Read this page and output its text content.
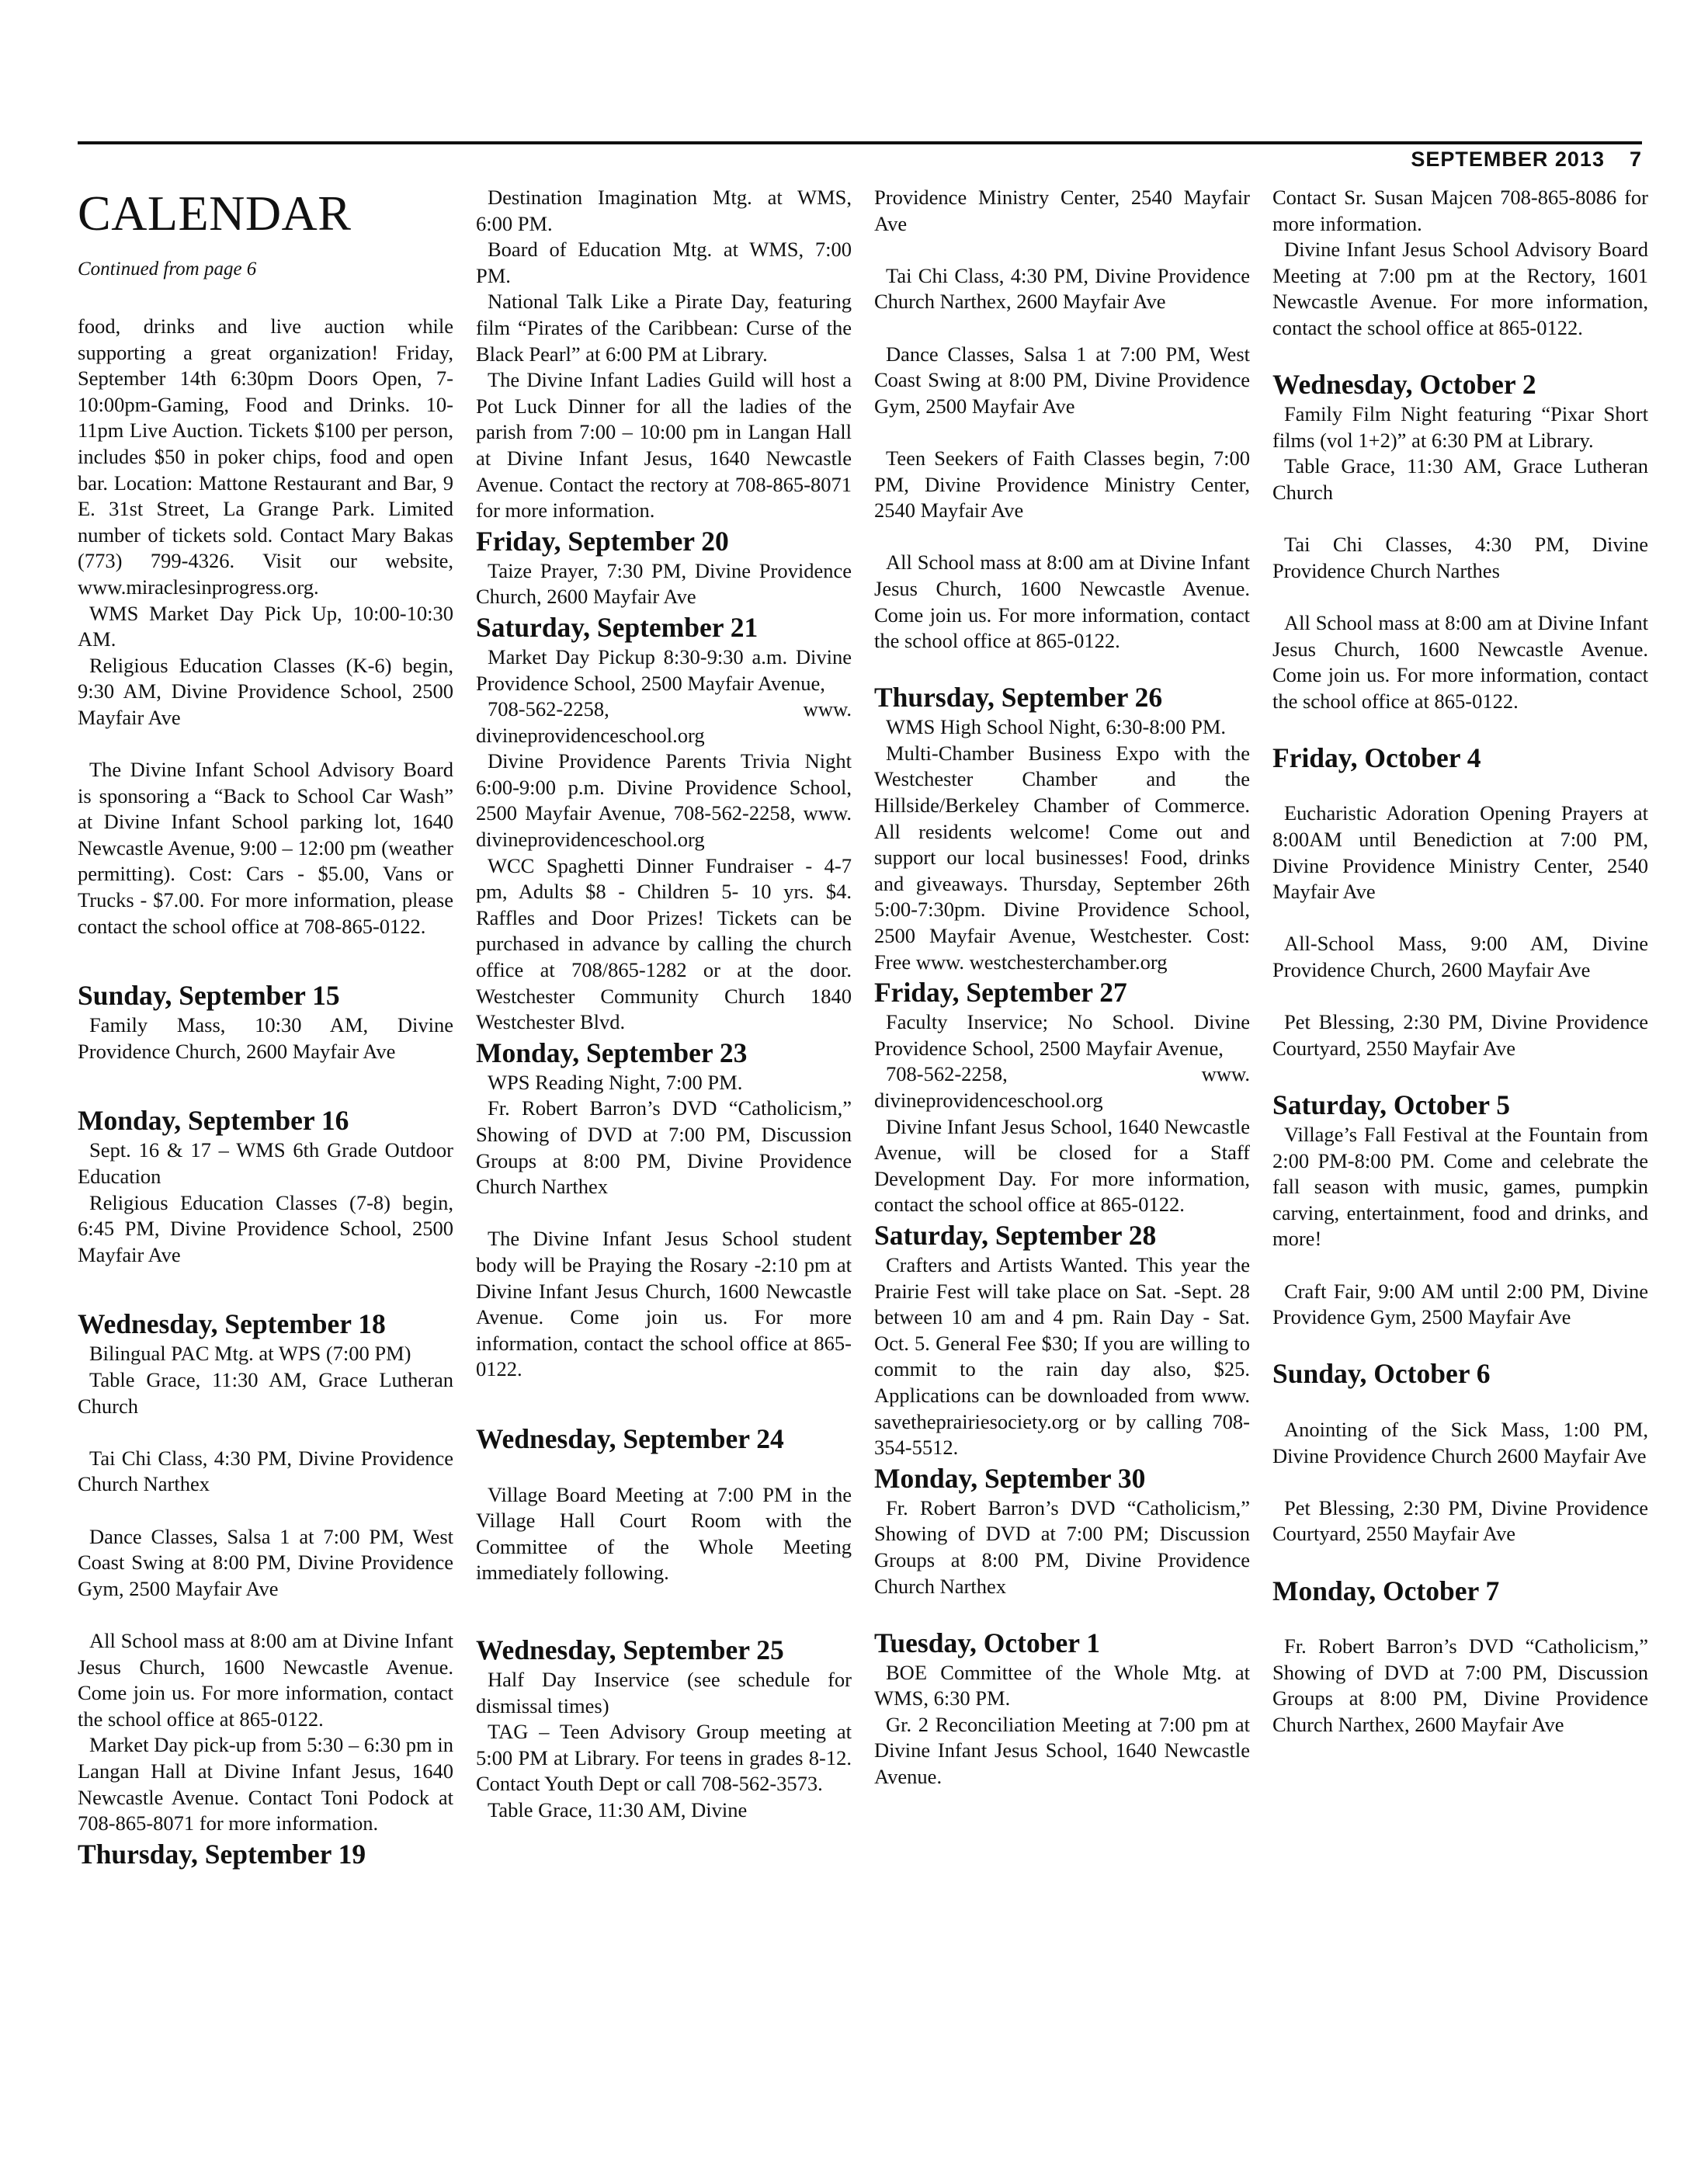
SEPTEMBER 2013 7
CALENDAR
Continued from page 6

food, drinks and live auction while supporting a great organization! Friday, September 14th 6:30pm Doors Open, 7-10:00pm-Gaming, Food and Drinks. 10-11pm Live Auction. Tickets $100 per person, includes $50 in poker chips, food and open bar. Location: Mattone Restaurant and Bar, 9 E. 31st Street, La Grange Park. Limited number of tickets sold. Contact Mary Bakas (773) 799-4326. Visit our website, www.miraclesinprogress.org.

WMS Market Day Pick Up, 10:00-10:30 AM.

Religious Education Classes (K-6) begin, 9:30 AM, Divine Providence School, 2500 Mayfair Ave

The Divine Infant School Advisory Board is sponsoring a “Back to School Car Wash” at Divine Infant School parking lot, 1640 Newcastle Avenue, 9:00 – 12:00 pm (weather permitting). Cost: Cars - $5.00, Vans or Trucks - $7.00. For more information, please contact the school office at 708-865-0122.

Sunday, September 15

Family Mass, 10:30 AM, Divine Providence Church, 2600 Mayfair Ave

Monday, September 16

Sept. 16 & 17 – WMS 6th Grade Outdoor Education

Religious Education Classes (7-8) begin, 6:45 PM, Divine Providence School, 2500 Mayfair Ave

Wednesday, September 18

Bilingual PAC Mtg. at WPS (7:00 PM)

Table Grace, 11:30 AM, Grace Lutheran Church

Tai Chi Class, 4:30 PM, Divine Providence Church Narthex

Dance Classes, Salsa 1 at 7:00 PM, West Coast Swing at 8:00 PM, Divine Providence Gym, 2500 Mayfair Ave

All School mass at 8:00 am at Divine Infant Jesus Church, 1600 Newcastle Avenue. Come join us. For more information, contact the school office at 865-0122.

Market Day pick-up from 5:30 – 6:30 pm in Langan Hall at Divine Infant Jesus, 1640 Newcastle Avenue. Contact Toni Podock at 708-865-8071 for more information.

Thursday, September 19

Destination Imagination Mtg. at WMS, 6:00 PM.

Board of Education Mtg. at WMS, 7:00 PM.

National Talk Like a Pirate Day, featuring film “Pirates of the Caribbean: Curse of the Black Pearl” at 6:00 PM at Library.

The Divine Infant Ladies Guild will host a Pot Luck Dinner for all the ladies of the parish from 7:00 – 10:00 pm in Langan Hall at Divine Infant Jesus, 1640 Newcastle Avenue. Contact the rectory at 708-865-8071 for more information.

Friday, September 20

Taize Prayer, 7:30 PM, Divine Providence Church, 2600 Mayfair Ave

Saturday, September 21

Market Day Pickup 8:30-9:30 a.m. Divine Providence School, 2500 Mayfair Avenue,

708-562-2258, www. divineprovidenceschool.org

Divine Providence Parents Trivia Night 6:00-9:00 p.m. Divine Providence School, 2500 Mayfair Avenue, 708-562-2258, www. divineprovidenceschool.org

WCC Spaghetti Dinner Fundraiser - 4-7 pm, Adults $8 - Children 5- 10 yrs. $4. Raffles and Door Prizes! Tickets can be purchased in advance by calling the church office at 708/865-1282 or at the door. Westchester Community Church 1840 Westchester Blvd.

Monday, September 23

WPS Reading Night, 7:00 PM.

Fr. Robert Barron’s DVD “Catholicism,” Showing of DVD at 7:00 PM, Discussion Groups at 8:00 PM, Divine Providence Church Narthex

The Divine Infant Jesus School student body will be Praying the Rosary -2:10 pm at Divine Infant Jesus Church, 1600 Newcastle Avenue. Come join us. For more information, contact the school office at 865-0122.

Wednesday, September 24

Village Board Meeting at 7:00 PM in the Village Hall Court Room with the Committee of the Whole Meeting immediately following.

Wednesday, September 25

Half Day Inservice (see schedule for dismissal times)

TAG – Teen Advisory Group meeting at 5:00 PM at Library. For teens in grades 8-12. Contact Youth Dept or call 708-562-3573.

Table Grace, 11:30 AM, Divine

Providence Ministry Center, 2540 Mayfair Ave

Tai Chi Class, 4:30 PM, Divine Providence Church Narthex, 2600 Mayfair Ave

Dance Classes, Salsa 1 at 7:00 PM, West Coast Swing at 8:00 PM, Divine Providence Gym, 2500 Mayfair Ave

Teen Seekers of Faith Classes begin, 7:00 PM, Divine Providence Ministry Center, 2540 Mayfair Ave

All School mass at 8:00 am at Divine Infant Jesus Church, 1600 Newcastle Avenue. Come join us. For more information, contact the school office at 865-0122.

Thursday, September 26

WMS High School Night, 6:30-8:00 PM.

Multi-Chamber Business Expo with the Westchester Chamber and the Hillside/Berkeley Chamber of Commerce. All residents welcome! Come out and support our local businesses! Food, drinks and giveaways. Thursday, September 26th 5:00-7:30pm. Divine Providence School, 2500 Mayfair Avenue, Westchester. Cost: Free www. westchesterchamber.org

Friday, September 27

Faculty Inservice; No School. Divine Providence School, 2500 Mayfair Avenue,

708-562-2258, www. divineprovidenceschool.org

Divine Infant Jesus School, 1640 Newcastle Avenue, will be closed for a Staff Development Day. For more information, contact the school office at 865-0122.

Saturday, September 28

Crafters and Artists Wanted. This year the Prairie Fest will take place on Sat. -Sept. 28 between 10 am and 4 pm. Rain Day - Sat. Oct. 5. General Fee $30; If you are willing to commit to the rain day also, $25. Applications can be downloaded from www. savetheprairiesociety.org or by calling 708-354-5512.

Monday, September 30

Fr. Robert Barron’s DVD “Catholicism,” Showing of DVD at 7:00 PM; Discussion Groups at 8:00 PM, Divine Providence Church Narthex

Tuesday, October 1

BOE Committee of the Whole Mtg. at WMS, 6:30 PM.

Gr. 2 Reconciliation Meeting at 7:00 pm at Divine Infant Jesus School, 1640 Newcastle Avenue.

Contact Sr. Susan Majcen 708-865-8086 for more information.

Divine Infant Jesus School Advisory Board Meeting at 7:00 pm at the Rectory, 1601 Newcastle Avenue. For more information, contact the school office at 865-0122.

Wednesday, October 2

Family Film Night featuring “Pixar Short films (vol 1+2)” at 6:30 PM at Library.

Table Grace, 11:30 AM, Grace Lutheran Church

Tai Chi Classes, 4:30 PM, Divine Providence Church Narthes

All School mass at 8:00 am at Divine Infant Jesus Church, 1600 Newcastle Avenue. Come join us. For more information, contact the school office at 865-0122.

Friday, October 4

Eucharistic Adoration Opening Prayers at 8:00AM until Benediction at 7:00 PM, Divine Providence Ministry Center, 2540 Mayfair Ave

All-School Mass, 9:00 AM, Divine Providence Church, 2600 Mayfair Ave

Pet Blessing, 2:30 PM, Divine Providence Courtyard, 2550 Mayfair Ave

Saturday, October 5

Village’s Fall Festival at the Fountain from 2:00 PM-8:00 PM. Come and celebrate the fall season with music, games, pumpkin carving, entertainment, food and drinks, and more!

Craft Fair, 9:00 AM until 2:00 PM, Divine Providence Gym, 2500 Mayfair Ave

Sunday, October 6

Anointing of the Sick Mass, 1:00 PM, Divine Providence Church 2600 Mayfair Ave

Pet Blessing, 2:30 PM, Divine Providence Courtyard, 2550 Mayfair Ave

Monday, October 7

Fr. Robert Barron’s DVD “Catholicism,” Showing of DVD at 7:00 PM, Discussion Groups at 8:00 PM, Divine Providence Church Narthex, 2600 Mayfair Ave
